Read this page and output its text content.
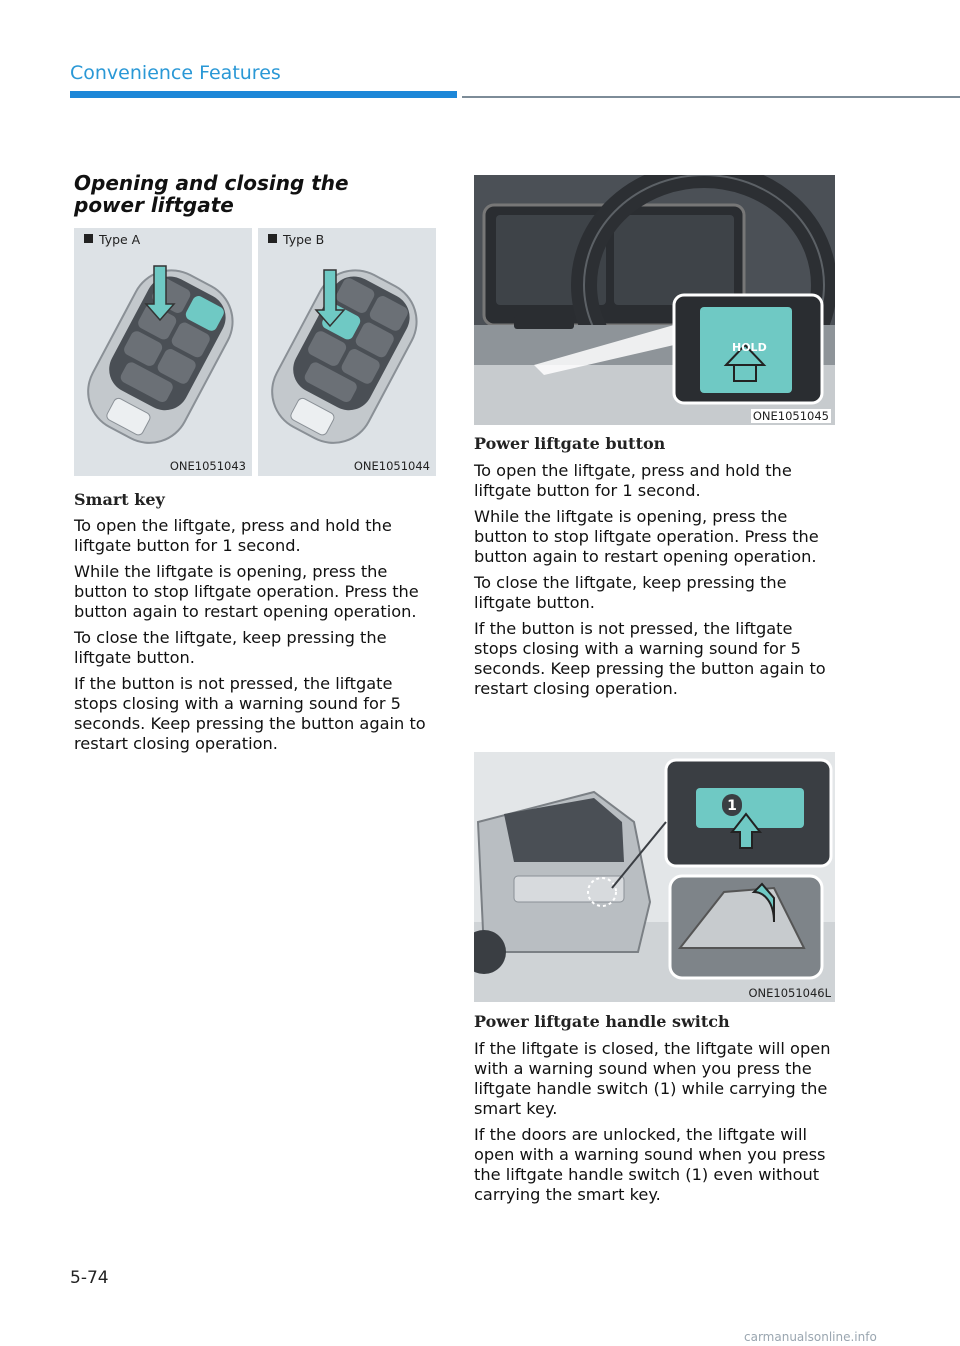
Convenience Features
Opening and closing the power liftgate
Type A
ONE1051043
Type B
ONE1051044
Smart key

To open the liftgate, press and hold the liftgate button for 1 second.

While the liftgate is opening, press the button to stop liftgate operation. Press the button again to restart opening operation.

To close the liftgate, keep pressing the liftgate button.

If the button is not pressed, the liftgate stops closing with a warning sound for 5 seconds. Keep pressing the button again to restart closing operation.

HOLD
ONE1051045
Power liftgate button

To open the liftgate, press and hold the liftgate button for 1 second.

While the liftgate is opening, press the button to stop liftgate operation. Press the button again to restart opening operation.

To close the liftgate, keep pressing the liftgate button.

If the button is not pressed, the liftgate stops closing with a warning sound for 5 seconds. Keep pressing the button again to restart closing operation.

1
ONE1051046L
Power liftgate handle switch

If the liftgate is closed, the liftgate will open with a warning sound when you press the liftgate handle switch (1) while carrying the smart key.

If the doors are unlocked, the liftgate will open with a warning sound when you press the liftgate handle switch (1) even without carrying the smart key.

5-74
carmanualsonline.info
